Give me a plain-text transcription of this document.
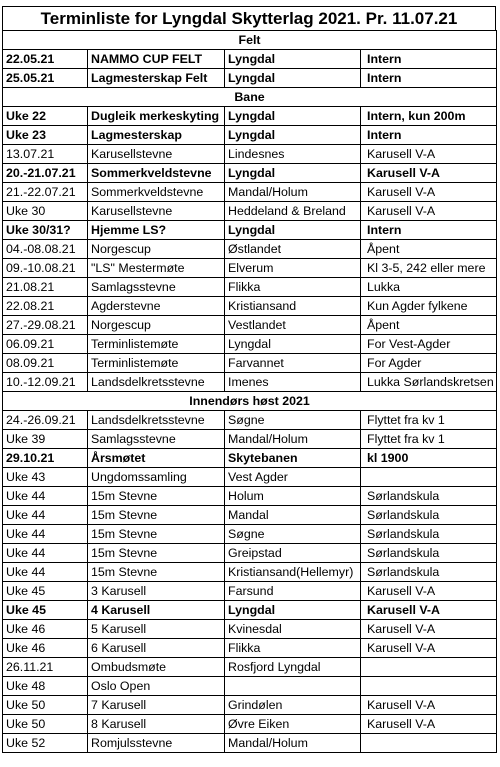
Terminliste for Lyngdal Skytterlag 2021. Pr. 11.07.21
Felt			
22.05.21	NAMMO CUP FELT	Lyngdal	Intern
25.05.21	Lagmesterskap Felt	Lyngdal	Intern
Bane			
Uke 22	Dugleik merkeskyting	Lyngdal	Intern, kun 200m
Uke 23	Lagmesterskap	Lyngdal	Intern
13.07.21	Karusellstevne	Lindesnes	Karusell V-A
20.-21.07.21	Sommerkveldstevne	Lyngdal	Karusell V-A
21.-22.07.21	Sommerkveldstevne	Mandal/Holum	Karusell V-A
Uke 30	Karusellstevne	Heddeland & Breland	Karusell V-A
Uke 30/31?	Hjemme LS?	Lyngdal	Intern
04.-08.08.21	Norgescup	Østlandet	Åpent
09.-10.08.21	"LS" Mestermøte	Elverum	Kl 3-5, 242 eller mere
21.08.21	Samlagsstevne	Flikka	Lukka
22.08.21	Agderstevne	Kristiansand	Kun Agder fylkene
27.-29.08.21	Norgescup	Vestlandet	Åpent
06.09.21	Terminlistemøte	Lyngdal	For Vest-Agder
08.09.21	Terminlistemøte	Farvannet	For Agder
10.-12.09.21	Landsdelkretsstevne	Imenes	Lukka Sørlandskretsen
Innendørs høst 2021			
24.-26.09.21	Landsdelkretsstevne	Søgne	Flyttet fra kv 1
Uke 39	Samlagsstevne	Mandal/Holum	Flyttet fra kv 1
29.10.21	Årsmøtet	Skytebanen	kl 1900
Uke 43	Ungdomssamling	Vest Agder	
Uke 44	15m Stevne	Holum	Sørlandskula
Uke 44	15m Stevne	Mandal	Sørlandskula
Uke 44	15m Stevne	Søgne	Sørlandskula
Uke 44	15m Stevne	Greipstad	Sørlandskula
Uke 44	15m Stevne	Kristiansand(Hellemyr)	Sørlandskula
Uke 45	3 Karusell	Farsund	Karusell V-A
Uke 45	4 Karusell	Lyngdal	Karusell V-A
Uke 46	5 Karusell	Kvinesdal	Karusell V-A
Uke 46	6 Karusell	Flikka	Karusell V-A
26.11.21	Ombudsmøte	Rosfjord Lyngdal	
Uke 48	Oslo Open		
Uke 50	7 Karusell	Grindølen	Karusell V-A
Uke 50	8 Karusell	Øvre Eiken	Karusell V-A
Uke 52	Romjulsstevne	Mandal/Holum	
